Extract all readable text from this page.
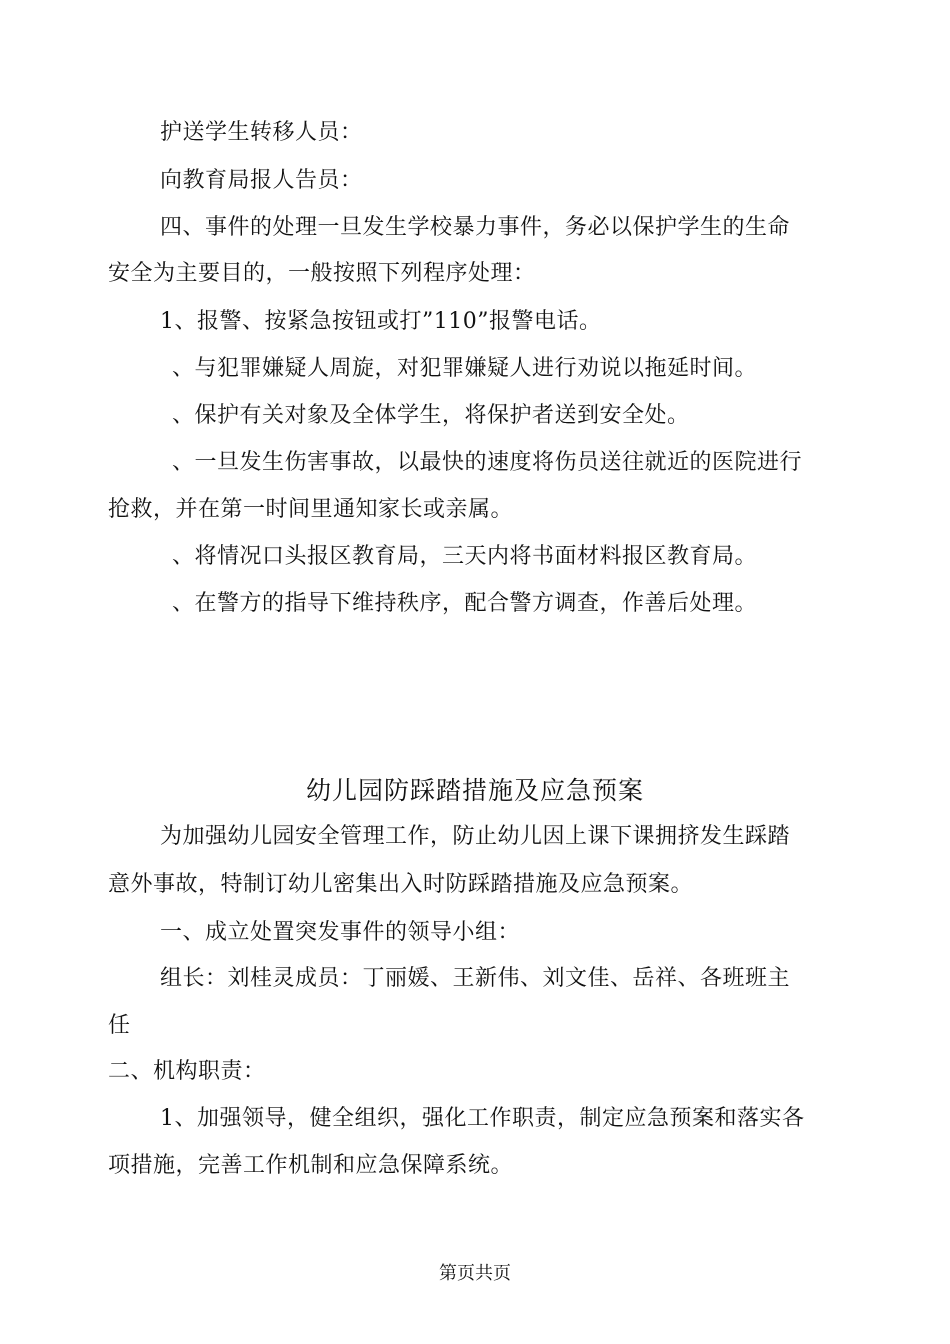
护送学生转移人员：
向教育局报人告员：
四、事件的处理一旦发生学校暴力事件，务必以保护学生的生命
安全为主要目的，一般按照下列程序处理：
1、报警、按紧急按钮或打”110”报警电话。
、与犯罪嫌疑人周旋，对犯罪嫌疑人进行劝说以拖延时间。
、保护有关对象及全体学生，将保护者送到安全处。
、一旦发生伤害事故，以最快的速度将伤员送往就近的医院进行
抢救，并在第一时间里通知家长或亲属。
、将情况口头报区教育局，三天内将书面材料报区教育局。
、在警方的指导下维持秩序，配合警方调查，作善后处理。
幼儿园防踩踏措施及应急预案
为加强幼儿园安全管理工作，防止幼儿因上课下课拥挤发生踩踏
意外事故，特制订幼儿密集出入时防踩踏措施及应急预案。
一、成立处置突发事件的领导小组：
组长：刘桂灵成员：丁丽媛、王新伟、刘文佳、岳祥、各班班主
任
二、机构职责：
1、加强领导，健全组织，强化工作职责，制定应急预案和落实各
项措施，完善工作机制和应急保障系统。
第页共页
